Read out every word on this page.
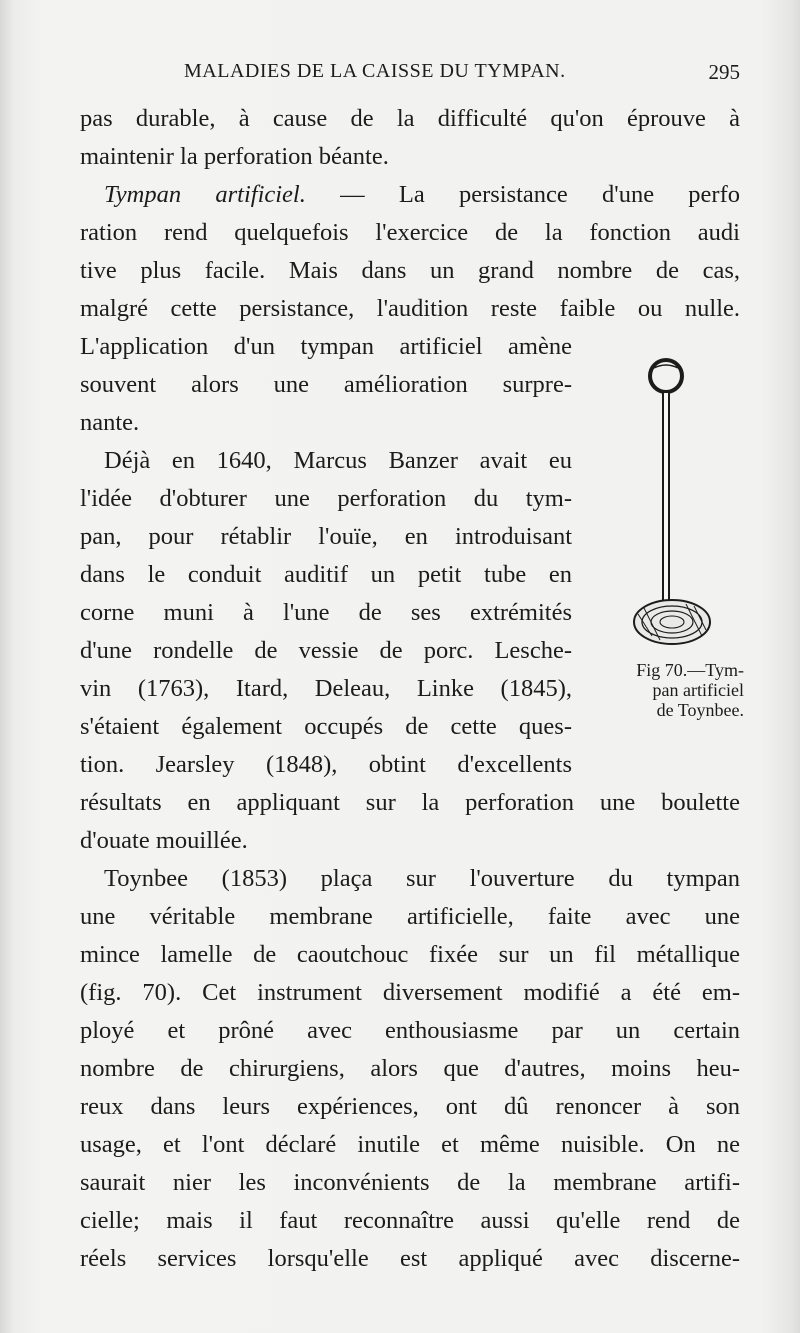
MALADIES DE LA CAISSE DU TYMPAN.	295
pas durable, à cause de la difficulté qu'on éprouve à
maintenir la perforation béante.
Tympan artificiel. — La persistance d'une perfo
ration rend quelquefois l'exercice de la fonction audi
tive plus facile. Mais dans un grand nombre de cas,
malgré cette persistance, l'audition reste faible ou nulle.
L'application d'un tympan artificiel amène
souvent alors une amélioration surpre-
nante.
Déjà en 1640, Marcus Banzer avait eu
l'idée d'obturer une perforation du tym-
pan, pour rétablir l'ouïe, en introduisant
dans le conduit auditif un petit tube en
corne muni à l'une de ses extrémités
d'une rondelle de vessie de porc. Lesche-
vin (1763), Itard, Deleau, Linke (1845),
s'étaient également occupés de cette ques-
tion. Jearsley (1848), obtint d'excellents
résultats en appliquant sur la perforation une boulette
d'ouate mouillée.
Toynbee (1853) plaça sur l'ouverture du tympan
une véritable membrane artificielle, faite avec une
mince lamelle de caoutchouc fixée sur un fil métallique
(fig. 70). Cet instrument diversement modifié a été em-
ployé et prôné avec enthousiasme par un certain
nombre de chirurgiens, alors que d'autres, moins heu-
reux dans leurs expériences, ont dû renoncer à son
usage, et l'ont déclaré inutile et même nuisible. On ne
saurait nier les inconvénients de la membrane artifi-
cielle; mais il faut reconnaître aussi qu'elle rend de
réels services lorsqu'elle est appliqué avec discerne-
Fig 70.—Tym-
pan artificiel
de Toynbee.
